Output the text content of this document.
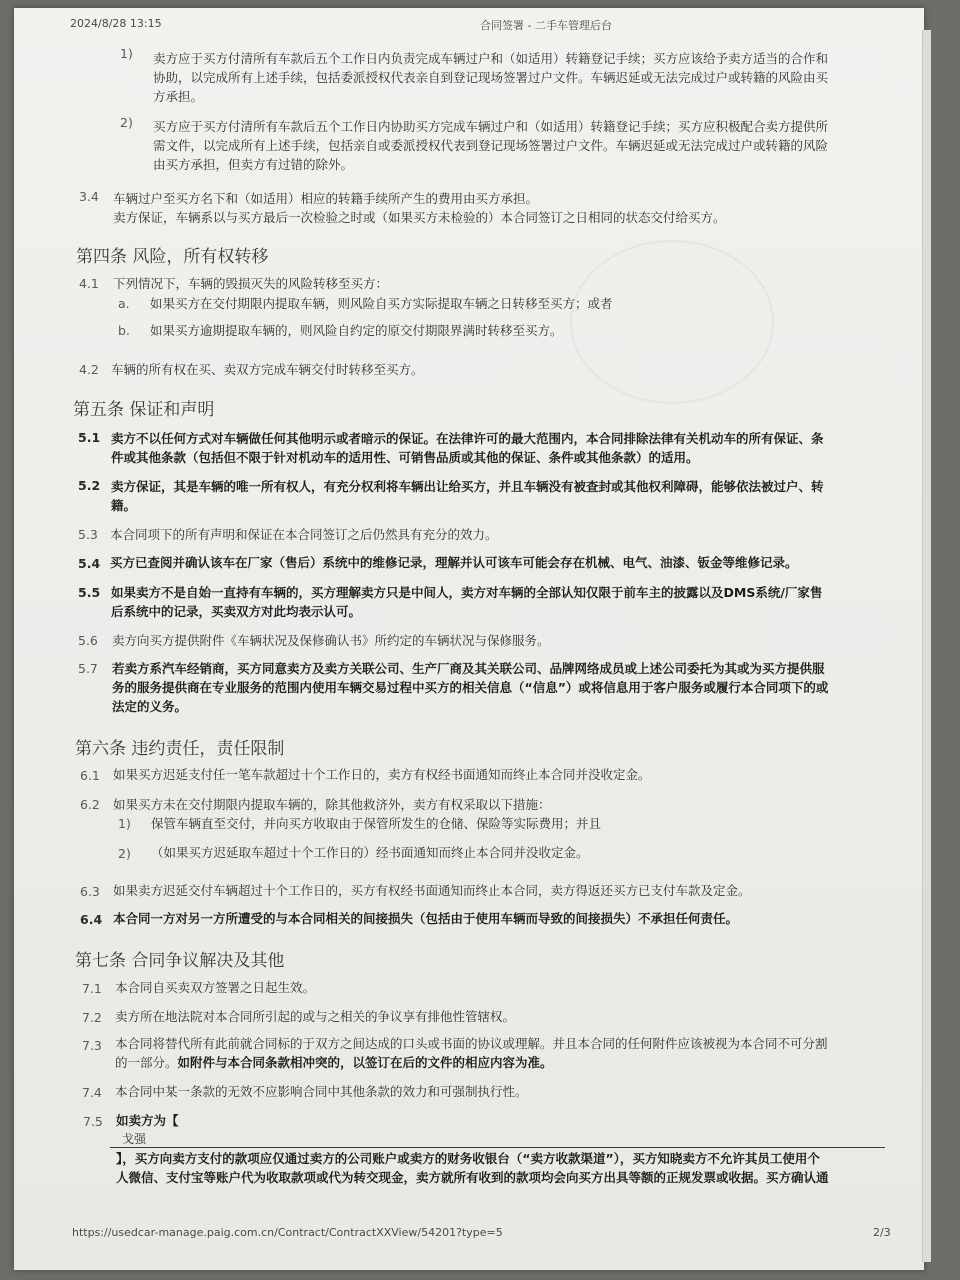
2024/8/28 13:15	合同签署 - 二手车管理后台
1) 卖方应于买方付清所有车款后五个工作日内负责完成车辆过户和（如适用）转籍登记手续；买方应该给予卖方适当的合作和
协助，以完成所有上述手续，包括委派授权代表亲自到登记现场签署过户文件。车辆迟延或无法完成过户或转籍的风险由买
方承担。
2) 买方应于买方付清所有车款后五个工作日内协助买方完成车辆过户和（如适用）转籍登记手续；买方应积极配合卖方提供所
需文件，以完成所有上述手续，包括亲自或委派授权代表到登记现场签署过户文件。车辆迟延或无法完成过户或转籍的风险
由买方承担，但卖方有过错的除外。
3.4 车辆过户至买方名下和（如适用）相应的转籍手续所产生的费用由买方承担。
卖方保证，车辆系以与买方最后一次检验之时或（如果买方未检验的）本合同签订之日相同的状态交付给买方。
第四条 风险，所有权转移
4.1 下列情况下，车辆的毁损灭失的风险转移至买方：
a. 如果买方在交付期限内提取车辆，则风险自买方实际提取车辆之日转移至买方；或者
b. 如果买方逾期提取车辆的，则风险自约定的原交付期限界满时转移至买方。
4.2 车辆的所有权在买、卖双方完成车辆交付时转移至买方。
第五条 保证和声明
5.1 卖方不以任何方式对车辆做任何其他明示或者暗示的保证。在法律许可的最大范围内，本合同排除法律有关机动车的所有保证、条
件或其他条款（包括但不限于针对机动车的适用性、可销售品质或其他的保证、条件或其他条款）的适用。
5.2 卖方保证，其是车辆的唯一所有权人，有充分权利将车辆出让给买方，并且车辆没有被查封或其他权利障碍，能够依法被过户、转
籍。
5.3 本合同项下的所有声明和保证在本合同签订之后仍然具有充分的效力。
5.4 买方已查阅并确认该车在厂家（售后）系统中的维修记录，理解并认可该车可能会存在机械、电气、油漆、钣金等维修记录。
5.5 如果卖方不是自始一直持有车辆的，买方理解卖方只是中间人，卖方对车辆的全部认知仅限于前车主的披露以及DMS系统/厂家售
后系统中的记录，买卖双方对此均表示认可。
5.6 卖方向买方提供附件《车辆状况及保修确认书》所约定的车辆状况与保修服务。
5.7 若卖方系汽车经销商，买方同意卖方及卖方关联公司、生产厂商及其关联公司、品牌网络成员或上述公司委托为其或为买方提供服
务的服务提供商在专业服务的范围内使用车辆交易过程中买方的相关信息（“信息”）或将信息用于客户服务或履行本合同项下的或
法定的义务。
第六条 违约责任，责任限制
6.1 如果买方迟延支付任一笔车款超过十个工作日的，卖方有权经书面通知而终止本合同并没收定金。
6.2 如果买方未在交付期限内提取车辆的，除其他救济外，卖方有权采取以下措施：
1) 保管车辆直至交付，并向买方收取由于保管所发生的仓储、保险等实际费用；并且
2) （如果买方迟延取车超过十个工作日的）经书面通知而终止本合同并没收定金。
6.3 如果卖方迟延交付车辆超过十个工作日的，买方有权经书面通知而终止本合同，卖方得返还买方已支付车款及定金。
6.4 本合同一方对另一方所遭受的与本合同相关的间接损失（包括由于使用车辆而导致的间接损失）不承担任何责任。
第七条 合同争议解决及其他
7.1 本合同自买卖双方签署之日起生效。
7.2 卖方所在地法院对本合同所引起的或与之相关的争议享有排他性管辖权。
7.3 本合同将替代所有此前就合同标的于双方之间达成的口头或书面的协议或理解。并且本合同的任何附件应该被视为本合同不可分割
的一部分。如附件与本合同条款相冲突的，以签订在后的文件的相应内容为准。
7.4 本合同中某一条款的无效不应影响合同中其他条款的效力和可强制执行性。
7.5 如卖方为【
戈强
】，买方向卖方支付的款项应仅通过卖方的公司账户或卖方的财务收银台（“卖方收款渠道”），买方知晓卖方不允许其员工使用个
人微信、支付宝等账户代为收取款项或代为转交现金，卖方就所有收到的款项均会向买方出具等额的正规发票或收据。买方确认通
https://usedcar-manage.paig.com.cn/Contract/ContractXXView/54201?type=5	2/3
